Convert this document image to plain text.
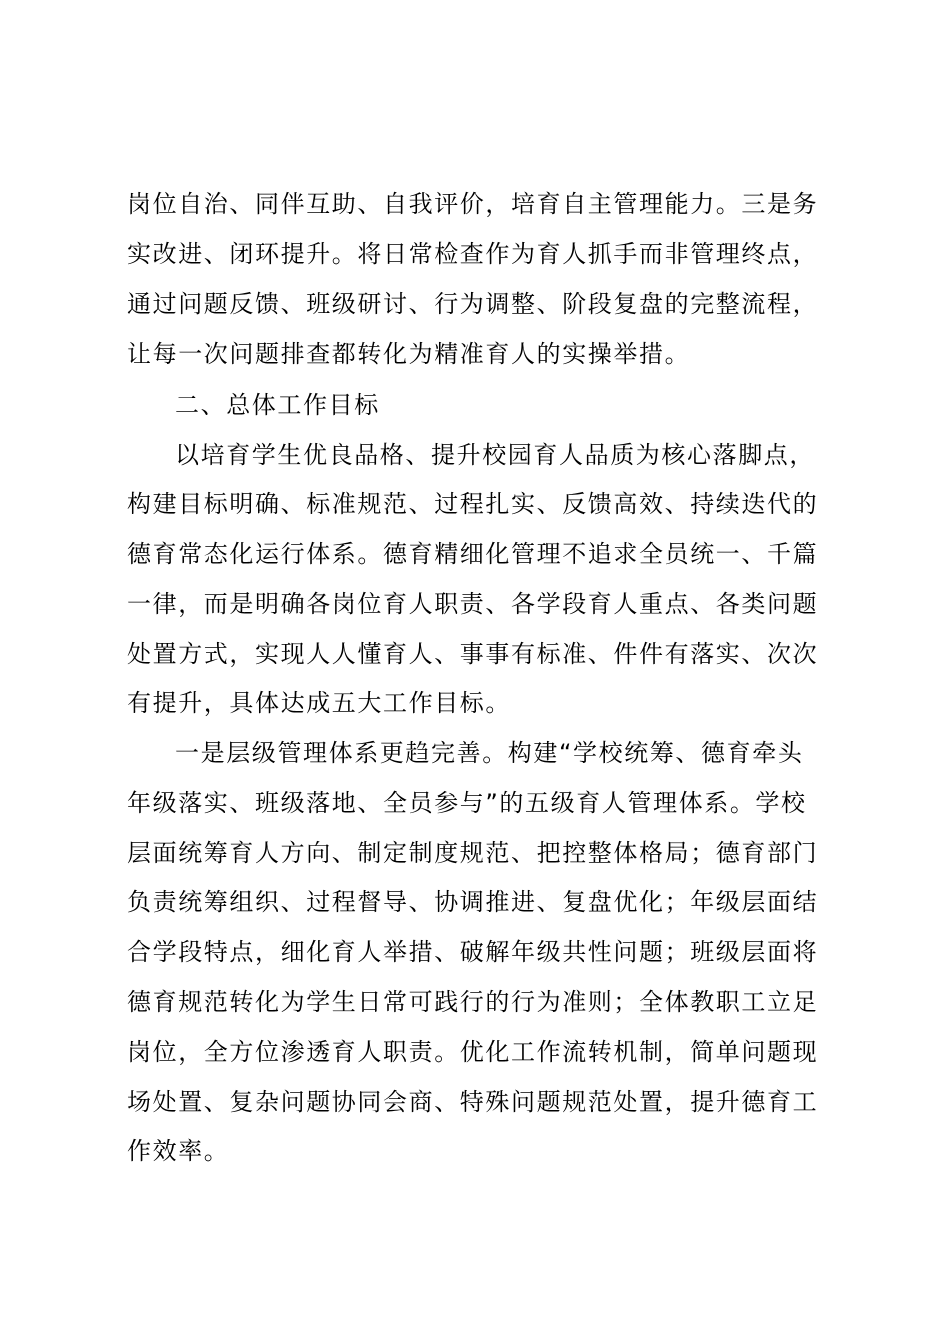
岗位自治、同伴互助、自我评价，培育自主管理能力。三是务
实改进、闭环提升。将日常检查作为育人抓手而非管理终点，
通过问题反馈、班级研讨、行为调整、阶段复盘的完整流程，
让每一次问题排查都转化为精准育人的实操举措。
二、总体工作目标
以培育学生优良品格、提升校园育人品质为核心落脚点，
构建目标明确、标准规范、过程扎实、反馈高效、持续迭代的
德育常态化运行体系。德育精细化管理不追求全员统一、千篇
一律，而是明确各岗位育人职责、各学段育人重点、各类问题
处置方式，实现人人懂育人、事事有标准、件件有落实、次次
有提升，具体达成五大工作目标。
一是层级管理体系更趋完善。构建“学校统筹、德育牵头
年级落实、班级落地、全员参与”的五级育人管理体系。学校
层面统筹育人方向、制定制度规范、把控整体格局；德育部门
负责统筹组织、过程督导、协调推进、复盘优化；年级层面结
合学段特点，细化育人举措、破解年级共性问题；班级层面将
德育规范转化为学生日常可践行的行为准则；全体教职工立足
岗位，全方位渗透育人职责。优化工作流转机制，简单问题现
场处置、复杂问题协同会商、特殊问题规范处置，提升德育工
作效率。
